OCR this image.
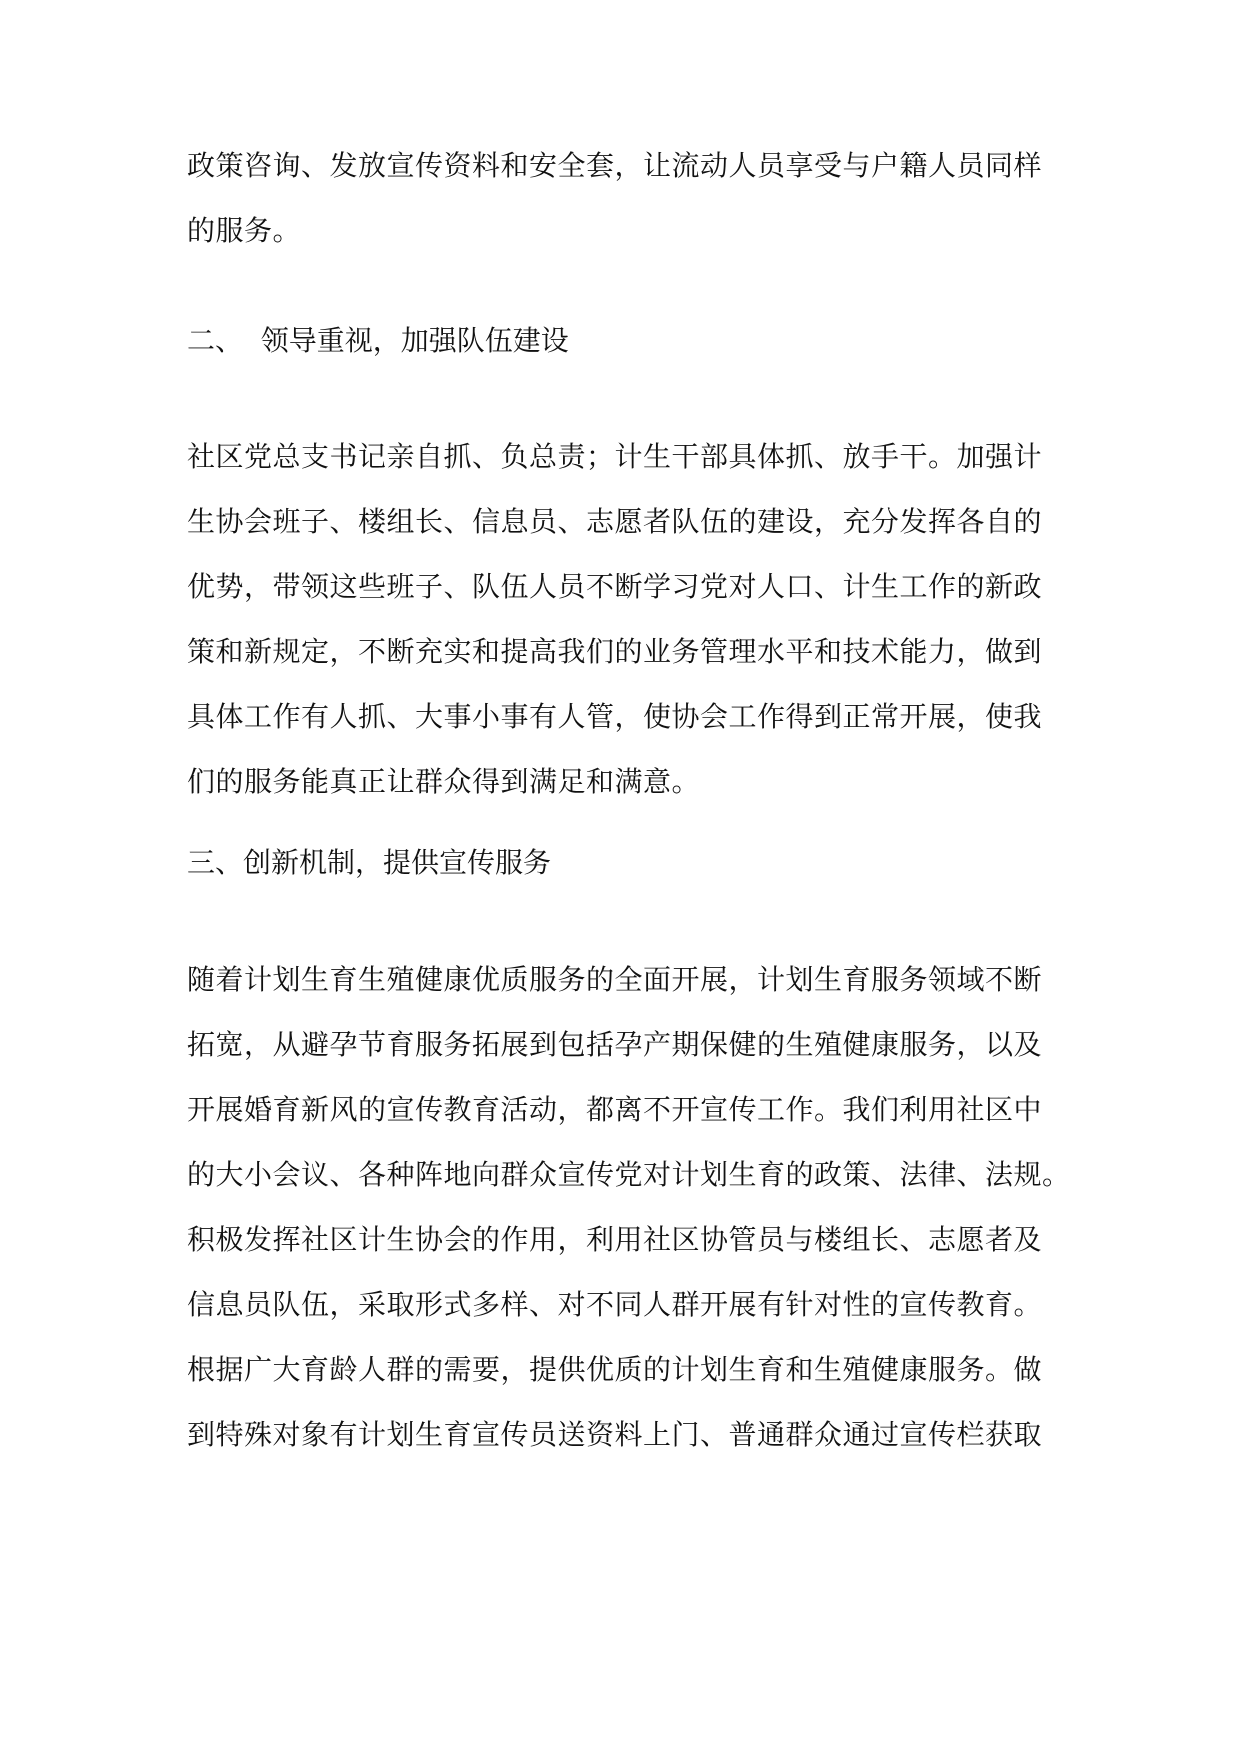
政策咨询、发放宣传资料和安全套，让流动人员享受与户籍人员同样
的服务。

二、  领导重视，加强队伍建设

社区党总支书记亲自抓、负总责；计生干部具体抓、放手干。加强计
生协会班子、楼组长、信息员、志愿者队伍的建设，充分发挥各自的
优势，带领这些班子、队伍人员不断学习党对人口、计生工作的新政
策和新规定，不断充实和提高我们的业务管理水平和技术能力，做到
具体工作有人抓、大事小事有人管，使协会工作得到正常开展，使我
们的服务能真正让群众得到满足和满意。

三、创新机制，提供宣传服务

随着计划生育生殖健康优质服务的全面开展，计划生育服务领域不断
拓宽，从避孕节育服务拓展到包括孕产期保健的生殖健康服务，以及
开展婚育新风的宣传教育活动，都离不开宣传工作。我们利用社区中
的大小会议、各种阵地向群众宣传党对计划生育的政策、法律、法规。
积极发挥社区计生协会的作用，利用社区协管员与楼组长、志愿者及
信息员队伍，采取形式多样、对不同人群开展有针对性的宣传教育。
根据广大育龄人群的需要，提供优质的计划生育和生殖健康服务。做
到特殊对象有计划生育宣传员送资料上门、普通群众通过宣传栏获取
